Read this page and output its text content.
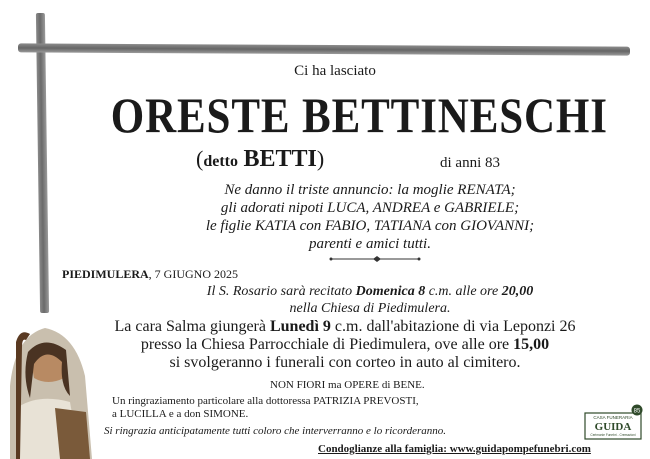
Ci ha lasciato
ORESTE BETTINESCHI
(detto BETTI)	di anni 83
Ne danno il triste annuncio: la moglie RENATA;
gli adorati nipoti LUCA, ANDREA e GABRIELE;
le figlie KATIA con FABIO, TATIANA con GIOVANNI;
parenti e amici tutti.
PIEDIMULERA, 7 GIUGNO 2025
Il S. Rosario sarà recitato Domenica 8 c.m. alle ore 20,00
nella Chiesa di Piedimulera.
La cara Salma giungerà Lunedì 9 c.m. dall'abitazione di via Leponzi 26
presso la Chiesa Parrocchiale di Piedimulera, ove alle ore 15,00
si svolgeranno i funerali con corteo in auto al cimitero.
NON FIORI ma OPERE di BENE.
Un ringraziamento particolare alla dottoressa PATRIZIA PREVOSTI,
a LUCILLA e a don SIMONE.
Si ringrazia anticipatamente tutti coloro che interverranno e lo ricorderanno.
Condoglianze alla famiglia: www.guidapompefunebri.com
85
CASA FUNERARIA
GUIDA
Cerimonie Funebri - Cremazioni
